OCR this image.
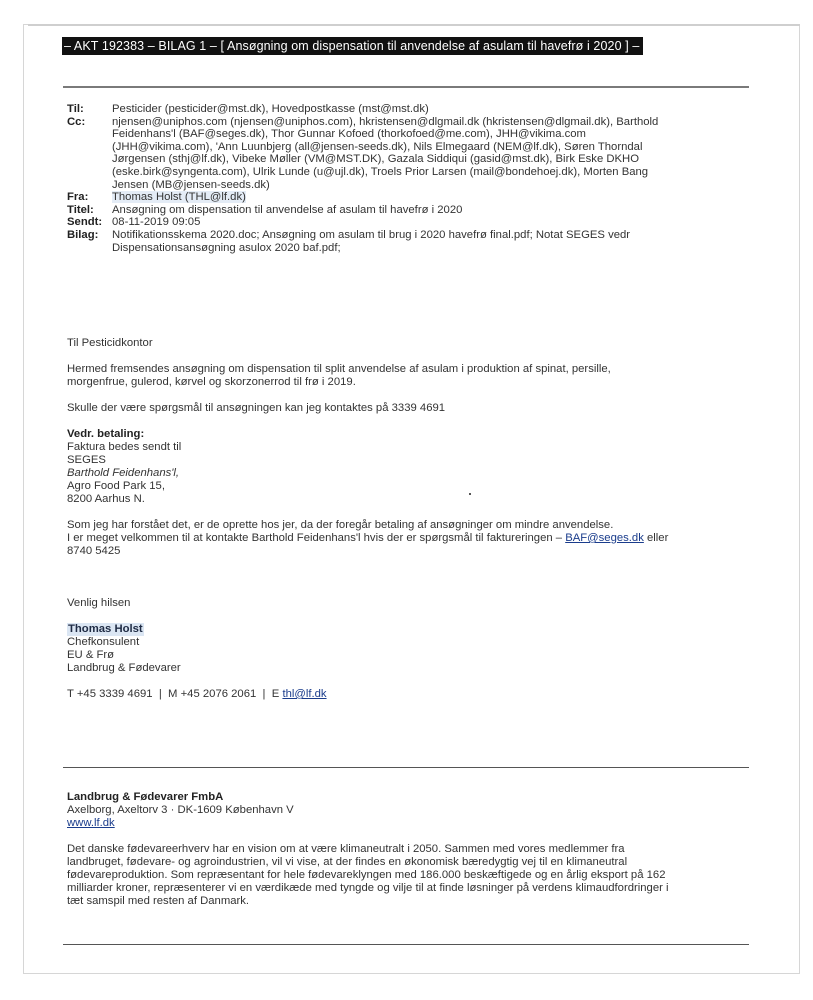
– AKT 192383 – BILAG 1 – [ Ansøgning om dispensation til anvendelse af asulam til havefrø i 2020 ] –
Til:	Pesticider (pesticider@mst.dk), Hovedpostkasse (mst@mst.dk)
Cc:	njensen@uniphos.com (njensen@uniphos.com), hkristensen@dlgmail.dk (hkristensen@dlgmail.dk), Barthold
Feidenhans'l (BAF@seges.dk), Thor Gunnar Kofoed (thorkofoed@me.com), JHH@vikima.com
(JHH@vikima.com), 'Ann Luunbjerg (all@jensen-seeds.dk), Nils Elmegaard (NEM@lf.dk), Søren Thorndal
Jørgensen (sthj@lf.dk), Vibeke Møller (VM@MST.DK), Gazala Siddiqui (gasid@mst.dk), Birk Eske DKHO
(eske.birk@syngenta.com), Ulrik Lunde (u@ujl.dk), Troels Prior Larsen (mail@bondehoej.dk), Morten Bang
Jensen (MB@jensen-seeds.dk)
Fra:	Thomas Holst (THL@lf.dk)
Titel:	Ansøgning om dispensation til anvendelse af asulam til havefrø i 2020
Sendt: 08-11-2019 09:05
Bilag:	Notifikationsskema 2020.doc; Ansøgning om asulam til brug i 2020 havefrø final.pdf; Notat SEGES vedr
Dispensationsansøgning asulox 2020 baf.pdf;

Til Pesticidkontor

Hermed fremsendes ansøgning om dispensation til split anvendelse af asulam i produktion af spinat, persille,

morgenfrue, gulerod, kørvel og skorzonerrod til frø i 2019.

Skulle der være spørgsmål til ansøgningen kan jeg kontaktes på 3339 4691

Vedr. betaling:

Faktura bedes sendt til

SEGES

Barthold Feidenhans'l,

Agro Food Park 15,

8200 Aarhus N.

Som jeg har forstået det, er de oprette hos jer, da der foregår betaling af ansøgninger om mindre anvendelse.

I er meget velkommen til at kontakte Barthold Feidenhans'l hvis der er spørgsmål til faktureringen – BAF@seges.dk eller

8740 5425

Venlig hilsen

Thomas Holst

Chefkonsulent

EU & Frø

Landbrug & Fødevarer

T +45 3339 4691  |  M +45 2076 2061  |  E thl@lf.dk

Landbrug & Fødevarer FmbA

Axelborg, Axeltorv 3 · DK-1609 København V

www.lf.dk

Det danske fødevareerhverv har en vision om at være klimaneutralt i 2050. Sammen med vores medlemmer fra

landbruget, fødevare- og agroindustrien, vil vi vise, at der findes en økonomisk bæredygtig vej til en klimaneutral

fødevareproduktion. Som repræsentant for hele fødevareklyngen med 186.000 beskæftigede og en årlig eksport på 162

milliarder kroner, repræsenterer vi en værdikæde med tyngde og vilje til at finde løsninger på verdens klimaudfordringer i

tæt samspil med resten af Danmark.
